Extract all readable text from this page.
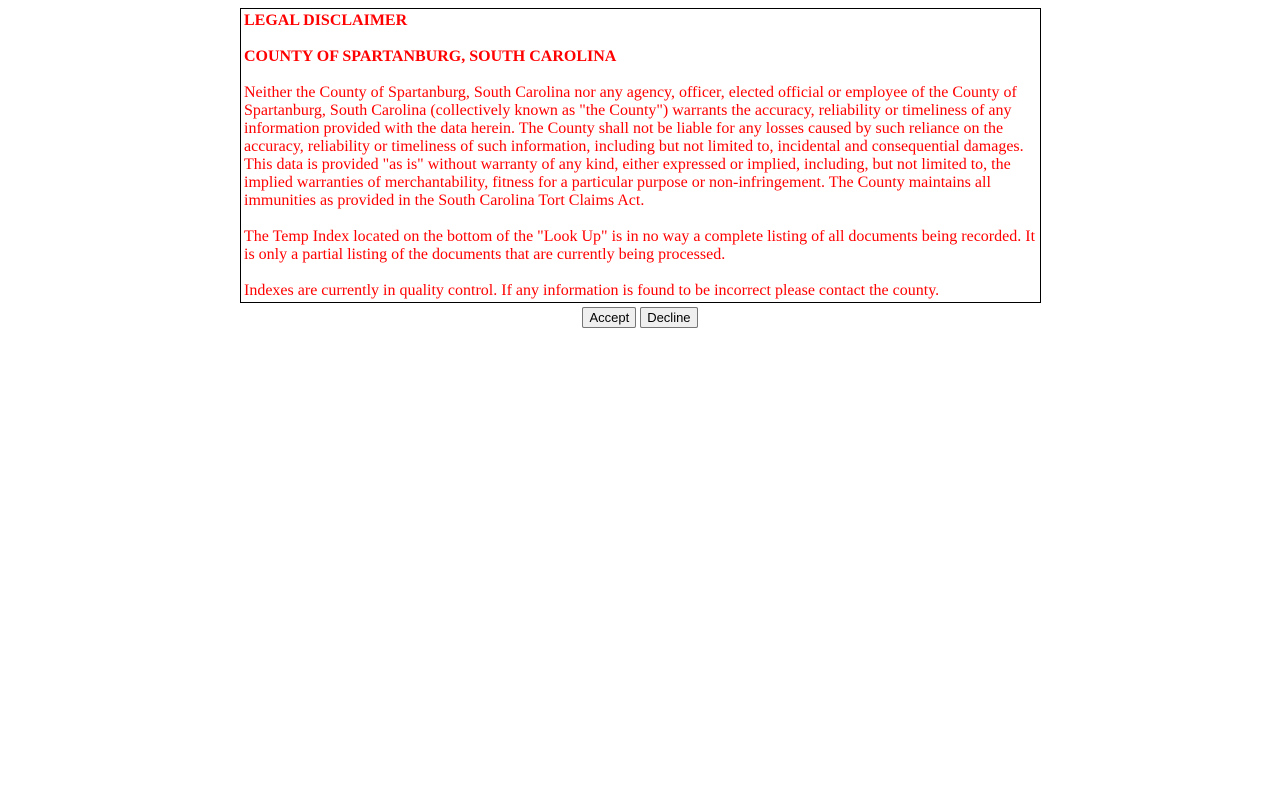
LEGAL DISCLAIMER

COUNTY OF SPARTANBURG, SOUTH CAROLINA

Neither the County of Spartanburg, South Carolina nor any agency, officer, elected official or employee of the County of Spartanburg, South Carolina (collectively known as "the County") warrants the accuracy, reliability or timeliness of any information provided with the data herein. The County shall not be liable for any losses caused by such reliance on the accuracy, reliability or timeliness of such information, including but not limited to, incidental and consequential damages. This data is provided "as is" without warranty of any kind, either expressed or implied, including, but not limited to, the implied warranties of merchantability, fitness for a particular purpose or non-infringement. The County maintains all immunities as provided in the South Carolina Tort Claims Act.

The Temp Index located on the bottom of the "Look Up" is in no way a complete listing of all documents being recorded. It is only a partial listing of the documents that are currently being processed.

Indexes are currently in quality control. If any information is found to be incorrect please contact the county.

Accept Decline
